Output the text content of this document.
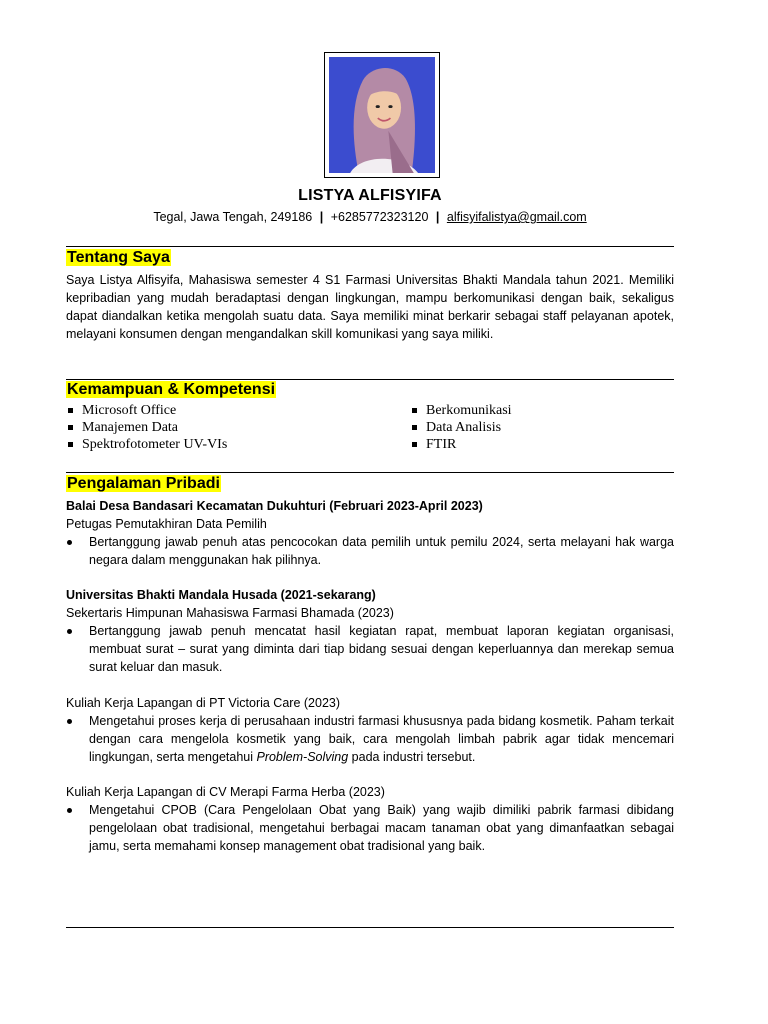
LISTYA ALFISYIFA
Tegal, Jawa Tengah, 249186 | +6285772323120 | alfisyifalistya@gmail.com
Tentang Saya
Saya Listya Alfisyifa, Mahasiswa semester 4 S1 Farmasi Universitas Bhakti Mandala tahun 2021. Memiliki kepribadian yang mudah beradaptasi dengan lingkungan, mampu berkomunikasi dengan baik, sekaligus dapat diandalkan ketika mengolah suatu data. Saya memiliki minat berkarir sebagai staff pelayanan apotek, melayani konsumen dengan mengandalkan skill komunikasi yang saya miliki.
Kemampuan & Kompetensi
Microsoft Office
Manajemen Data
Spektrofotometer UV-VIs
Berkomunikasi
Data Analisis
FTIR
Pengalaman Pribadi
Balai Desa Bandasari Kecamatan Dukuhturi (Februari 2023-April 2023)
Petugas Pemutakhiran Data Pemilih
Bertanggung jawab penuh atas pencocokan data pemilih untuk pemilu 2024, serta melayani hak warga negara dalam menggunakan hak pilihnya.
Universitas Bhakti Mandala Husada (2021-sekarang)
Sekertaris Himpunan Mahasiswa Farmasi Bhamada (2023)
Bertanggung jawab penuh mencatat hasil kegiatan rapat, membuat laporan kegiatan organisasi, membuat surat – surat yang diminta dari tiap bidang sesuai dengan keperluannya dan merekap semua surat keluar dan masuk.
Kuliah Kerja Lapangan di PT Victoria Care (2023)
Mengetahui proses kerja di perusahaan industri farmasi khususnya pada bidang kosmetik. Paham terkait dengan cara mengelola kosmetik yang baik, cara mengolah limbah pabrik agar tidak mencemari lingkungan, serta mengetahui Problem-Solving pada industri tersebut.
Kuliah Kerja Lapangan di CV Merapi Farma Herba (2023)
Mengetahui CPOB (Cara Pengelolaan Obat yang Baik) yang wajib dimiliki pabrik farmasi dibidang pengelolaan obat tradisional, mengetahui berbagai macam tanaman obat yang dimanfaatkan sebagai jamu, serta memahami konsep management obat tradisional yang baik.
